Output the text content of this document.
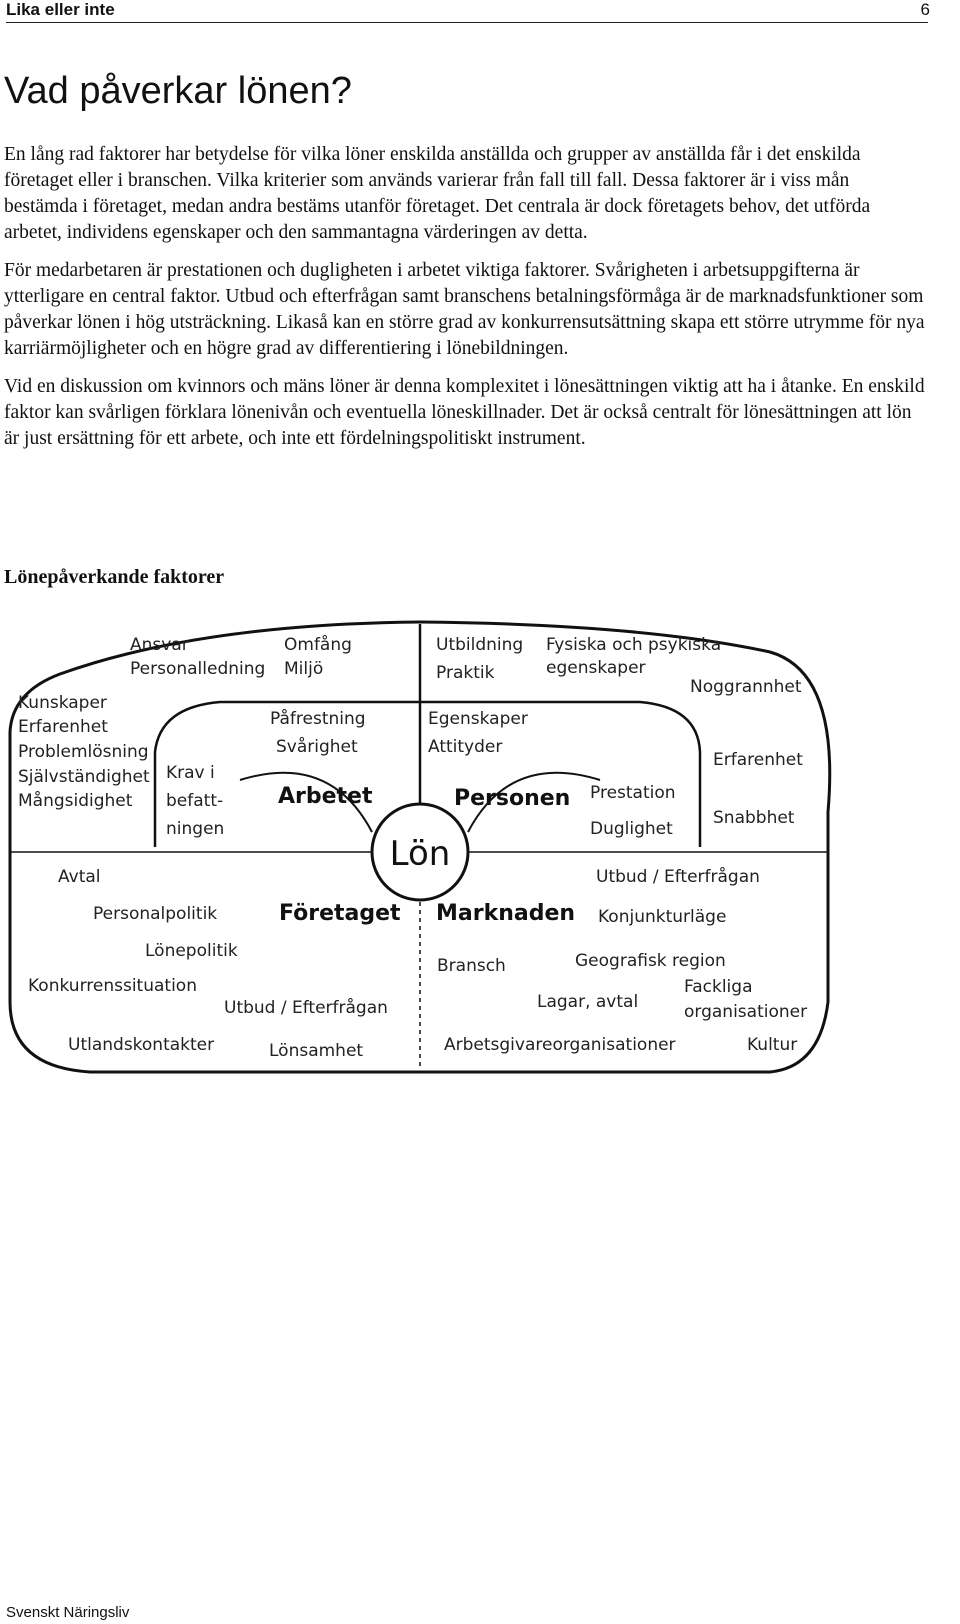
Lika eller inte	6
Vad påverkar lönen?

En lång rad faktorer har betydelse för vilka löner enskilda anställda och grupper av anställda får i det enskilda företaget eller i branschen. Vilka kriterier som används varierar från fall till fall. Dessa faktorer är i viss mån bestämda i företaget, medan andra bestäms utanför företaget. Det centrala är dock företagets behov, det utförda arbetet, individens egenskaper och den sammantagna värderingen av detta.

För medarbetaren är prestationen och dugligheten i arbetet viktiga faktorer. Svårigheten i arbetsuppgifterna är ytterligare en central faktor. Utbud och efterfrågan samt branschens betalningsförmåga är de marknadsfunktioner som påverkar lönen i hög utsträckning. Likaså kan en större grad av konkurrensutsättning skapa ett större utrymme för nya karriärmöjligheter och en högre grad av differentiering i lönebildningen.

Vid en diskussion om kvinnors och mäns löner är denna komplexitet i lönesättningen viktig att ha i åtanke. En enskild faktor kan svårligen förklara lönenivån och eventuella löneskillnader. Det är också centralt för lönesättningen att lön är just ersättning för ett arbete, och inte ett fördelningspolitiskt instrument.

Lönepåverkande faktorer
Lön
Arbetet	Personen
Företaget Marknaden
Ansvar
Personalledning
Omfång
Miljö
Kunskaper
Erfarenhet
Problemlösning
Självständighet
Mångsidighet
Påfrestning
Svårighet
Krav i
befatt-
ningen
Utbildning
Praktik
Fysiska och psykiska
egenskaper
Noggrannhet
Egenskaper
Attityder
Erfarenhet
Prestation
Duglighet
Snabbhet
Avtal
Personalpolitik
Lönepolitik
Konkurrenssituation
Utbud / Efterfrågan
Utlandskontakter	Lönsamhet
Utbud / Efterfrågan
Konjunkturläge
Bransch	Geografisk region
Lagar, avtal
Fackliga
organisationer
Arbetsgivareorganisationer	Kultur
Svenskt Näringsliv
